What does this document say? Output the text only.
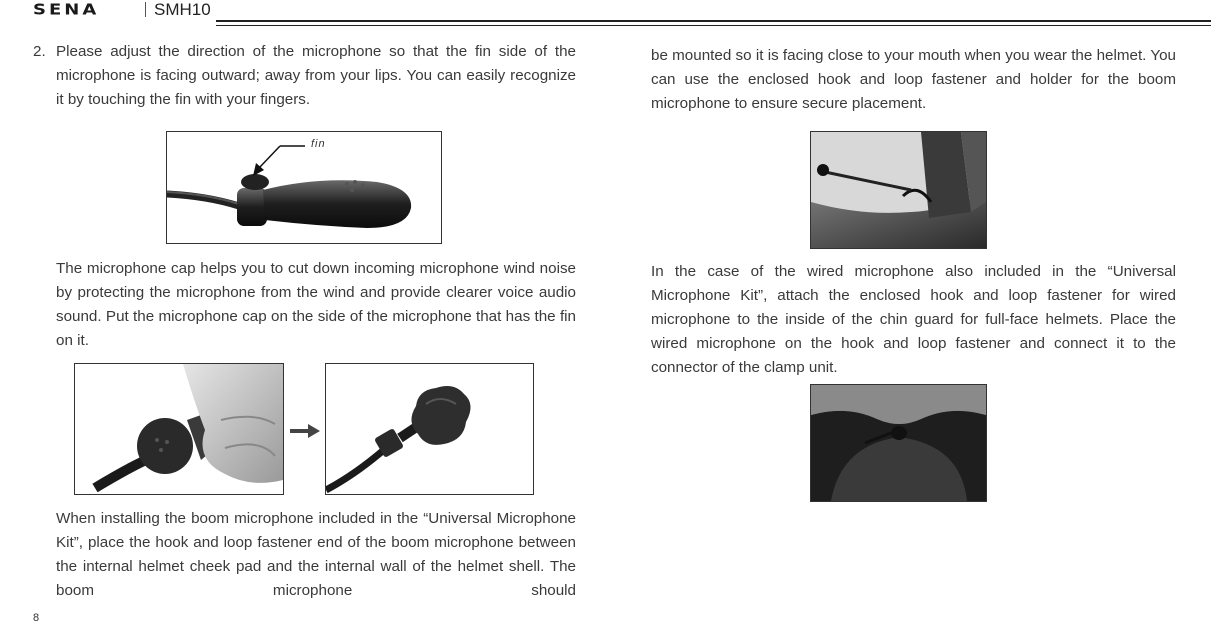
SENA	SMH10
2. Please adjust the direction of the microphone so that the fin side of the microphone is facing outward; away from your lips. You can easily recognize it by touching the fin with your fingers.
fin
The microphone cap helps you to cut down incoming microphone wind noise by protecting the microphone from the wind and provide clearer voice audio sound. Put the microphone cap on the side of the microphone that has the fin on it.
When installing the boom microphone included in the “Universal Microphone Kit”, place the hook and loop fastener end of the boom microphone between the internal helmet cheek pad and the internal wall of the helmet shell. The boom microphone should
be mounted so it is facing close to your mouth when you wear the helmet. You can use the enclosed hook and loop fastener and holder for the boom microphone to ensure secure placement.
In the case of the wired microphone also included in the “Universal Microphone Kit”, attach the enclosed hook and loop fastener for wired microphone to the inside of the chin guard for full-face helmets. Place the wired microphone on the hook and loop fastener and connect it to the connector of the clamp unit.
8
